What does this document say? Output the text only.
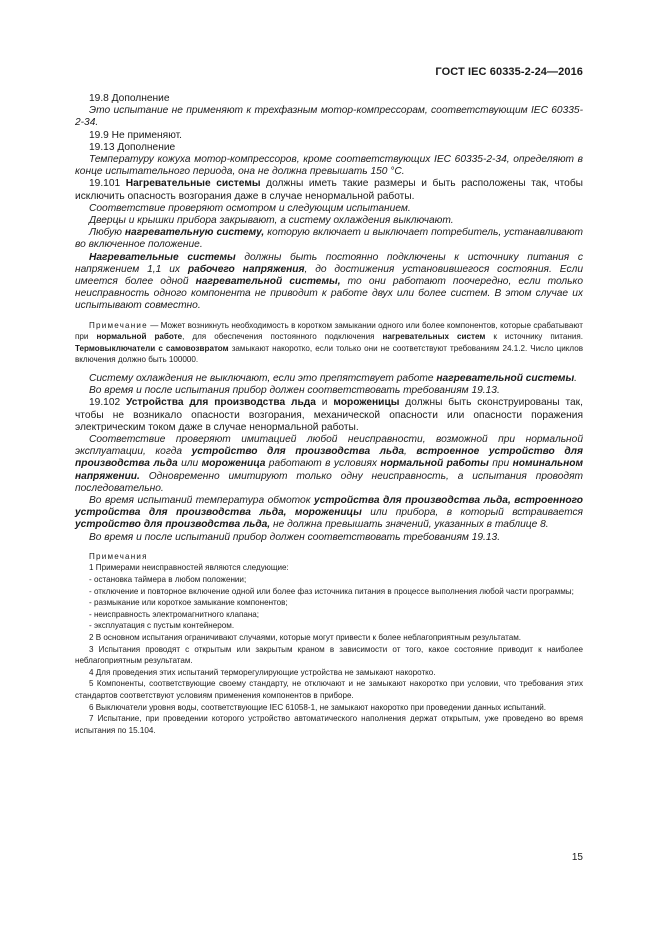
ГОСТ IEC 60335-2-24—2016

19.8 Дополнение

Это испытание не применяют к трехфазным мотор-компрессорам, соответствующим IEC 60335-2-34.

19.9 Не применяют.

19.13 Дополнение

Температуру кожуха мотор-компрессоров, кроме соответствующих IEC 60335-2-34, определяют в конце испытательного периода, она не должна превышать 150 °С.

19.101 Нагревательные системы должны иметь такие размеры и быть расположены так, чтобы исключить опасность возгорания даже в случае ненормальной работы.

Соответствие проверяют осмотром и следующим испытанием.

Дверцы и крышки прибора закрывают, а систему охлаждения выключают.

Любую нагревательную систему, которую включает и выключает потребитель, устанавливают во включенное положение.

Нагревательные системы должны быть постоянно подключены к источнику питания с напряжением 1,1 их рабочего напряжения, до достижения установившегося состояния. Если имеется более одной нагревательной системы, то они работают поочередно, если только неисправность одного компонента не приводит к работе двух или более систем. В этом случае их испытывают совместно.

Примечание — Может возникнуть необходимость в коротком замыкании одного или более компонентов, которые срабатывают при нормальной работе, для обеспечения постоянного подключения нагревательных систем к источнику питания. Термовыключатели с самовозвратом замыкают накоротко, если только они не соответствуют требованиям 24.1.2. Число циклов включения должно быть 100000.

Систему охлаждения не выключают, если это препятствует работе нагревательной системы.

Во время и после испытания прибор должен соответствовать требованиям 19.13.

19.102 Устройства для производства льда и мороженицы должны быть сконструированы так, чтобы не возникало опасности возгорания, механической опасности или опасности поражения электрическим током даже в случае ненормальной работы.

Соответствие проверяют имитацией любой неисправности, возможной при нормальной эксплуатации, когда устройство для производства льда, встроенное устройство для производства льда или мороженица работают в условиях нормальной работы при номинальном напряжении. Одновременно имитируют только одну неисправность, а испытания проводят последовательно.

Во время испытаний температура обмоток устройства для производства льда, встроенного устройства для производства льда, мороженицы или прибора, в который встраивается устройство для производства льда, не должна превышать значений, указанных в таблице 8.

Во время и после испытаний прибор должен соответствовать требованиям 19.13.

Примечания

1 Примерами неисправностей являются следующие:

- остановка таймера в любом положении;

- отключение и повторное включение одной или более фаз источника питания в процессе выполнения любой части программы;

- размыкание или короткое замыкание компонентов;

- неисправность электромагнитного клапана;

- эксплуатация с пустым контейнером.

2 В основном испытания ограничивают случаями, которые могут привести к более неблагоприятным результатам.

3 Испытания проводят с открытым или закрытым краном в зависимости от того, какое состояние приводит к наиболее неблагоприятным результатам.

4 Для проведения этих испытаний терморегулирующие устройства не замыкают накоротко.

5 Компоненты, соответствующие своему стандарту, не отключают и не замыкают накоротко при условии, что требования этих стандартов соответствуют условиям применения компонентов в приборе.

6 Выключатели уровня воды, соответствующие IEC 61058-1, не замыкают накоротко при проведении данных испытаний.

7 Испытание, при проведении которого устройство автоматического наполнения держат открытым, уже проведено во время испытания по 15.104.

15
